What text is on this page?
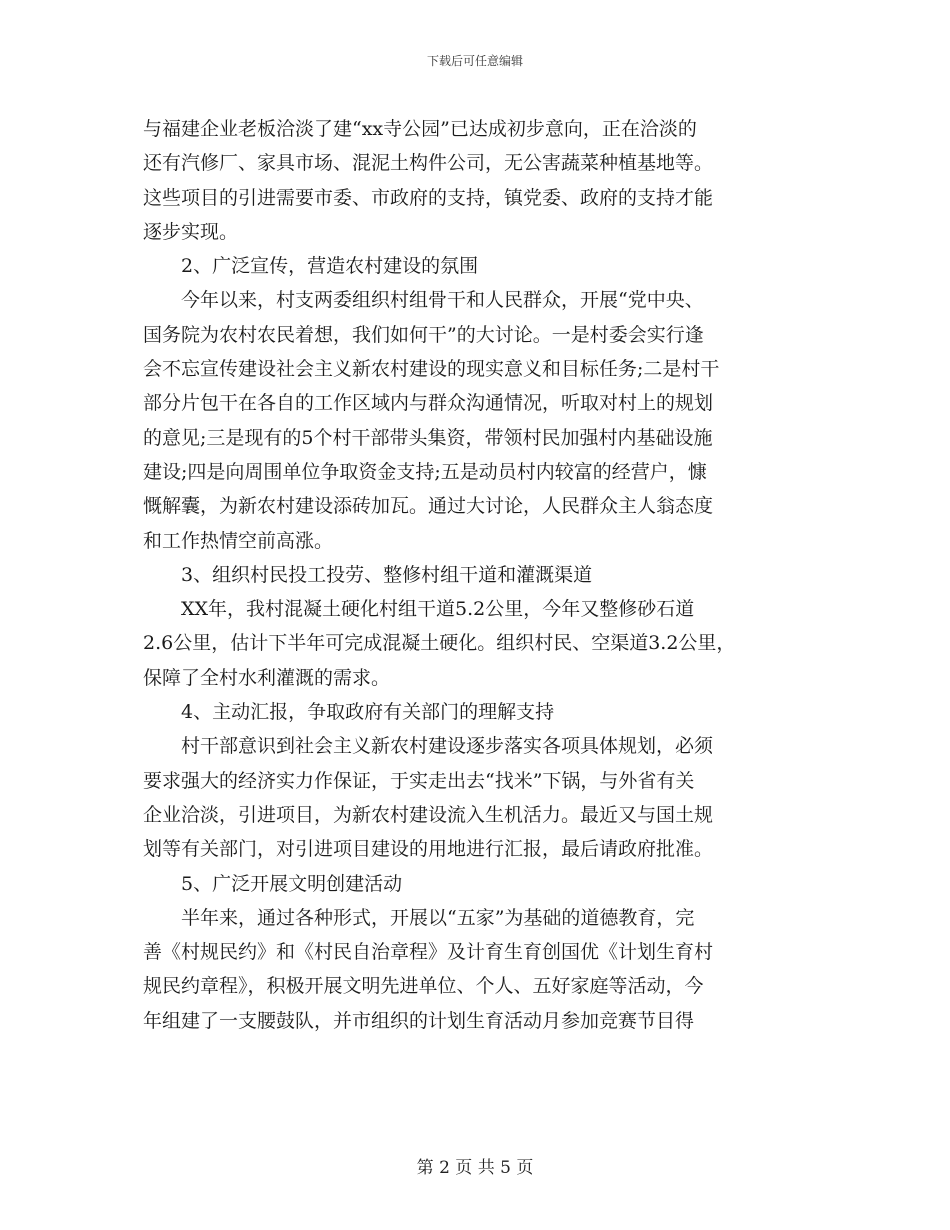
下载后可任意编辑
与福建企业老板洽淡了建“xx寺公园”已达成初步意向，正在洽淡的
还有汽修厂、家具市场、混泥土构件公司，无公害蔬菜种植基地等。
这些项目的引进需要市委、市政府的支持，镇党委、政府的支持才能
逐步实现。
2、广泛宣传，营造农村建设的氛围
今年以来，村支两委组织村组骨干和人民群众，开展“党中央、
国务院为农村农民着想，我们如何干”的大讨论。一是村委会实行逢
会不忘宣传建设社会主义新农村建设的现实意义和目标任务;二是村干
部分片包干在各自的工作区域内与群众沟通情况，听取对村上的规划
的意见;三是现有的5个村干部带头集资，带领村民加强村内基础设施
建设;四是向周围单位争取资金支持;五是动员村内较富的经营户，慷
慨解囊，为新农村建设添砖加瓦。通过大讨论，人民群众主人翁态度
和工作热情空前高涨。
3、组织村民投工投劳、整修村组干道和灌溉渠道
XX年，我村混凝土硬化村组干道5.2公里，今年又整修砂石道
2.6公里，估计下半年可完成混凝土硬化。组织村民、空渠道3.2公里，
保障了全村水利灌溉的需求。
4、主动汇报，争取政府有关部门的理解支持
村干部意识到社会主义新农村建设逐步落实各项具体规划，必须
要求强大的经济实力作保证，于实走出去“找米”下锅，与外省有关
企业洽淡，引进项目，为新农村建设流入生机活力。最近又与国土规
划等有关部门，对引进项目建设的用地进行汇报，最后请政府批准。
5、广泛开展文明创建活动
半年来，通过各种形式，开展以“五家”为基础的道德教育，完
善《村规民约》和《村民自治章程》及计育生育创国优《计划生育村
规民约章程》，积极开展文明先进单位、个人、五好家庭等活动，今
年组建了一支腰鼓队，并市组织的计划生育活动月参加竞赛节目得
第 2 页 共 5 页
